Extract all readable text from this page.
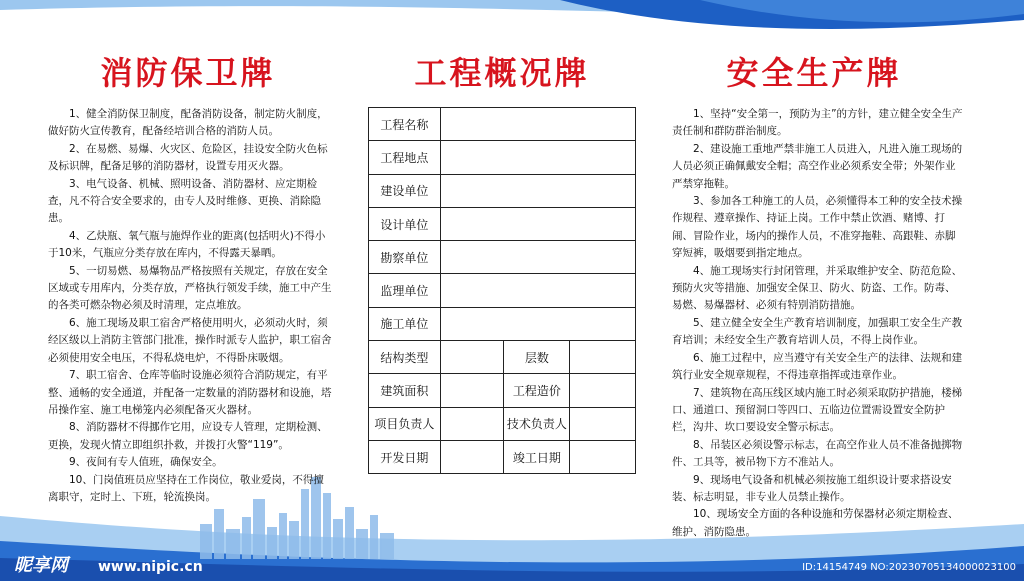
消防保卫牌

1、健全消防保卫制度，配备消防设备，制定防火制度，做好防火宣传教育，配备经培训合格的消防人员。

2、在易燃、易爆、火灾区、危险区，挂设安全防火色标及标识牌，配备足够的消防器材，设置专用灭火器。

3、电气设备、机械、照明设备、消防器材、应定期检查，凡不符合安全要求的，由专人及时维修、更换、消除隐患。

4、乙炔瓶、氧气瓶与施焊作业的距离(包括明火)不得小于10米，气瓶应分类存放在库内，不得露天暴晒。

5、一切易燃、易爆物品严格按照有关规定，存放在安全区域或专用库内，分类存放，严格执行领发手续，施工中产生的各类可燃杂物必须及时清理，定点堆放。

6、施工现场及职工宿舍严格使用明火，必须动火时，须经区级以上消防主管部门批准，操作时派专人监护，职工宿舍必须使用安全电压，不得私烧电炉，不得卧床吸烟。

7、职工宿舍、仓库等临时设施必须符合消防规定，有平整、通畅的安全通道，并配备一定数量的消防器材和设施，塔吊操作室、施工电梯笼内必须配备灭火器材。

8、消防器材不得挪作它用，应设专人管理，定期检测、更换，发现火情立即组织扑救，并拨打火警“119”。

9、夜间有专人值班，确保安全。

10、门岗值班员应坚持在工作岗位，敬业爱岗，不得擅离职守，定时上、下班，轮流换岗。

工程概况牌
工程名称			
工程地点			
建设单位			
设计单位			
勘察单位			
监理单位			
施工单位			
结构类型		层数	
建筑面积		工程造价	
项目负责人		技术负责人	
开发日期		竣工日期	
安全生产牌

1、坚持“安全第一，预防为主”的方针，建立健全安全生产责任制和群防群治制度。

2、建设施工重地严禁非施工人员进入，凡进入施工现场的人员必须正确佩戴安全帽；高空作业必须系安全带；外架作业严禁穿拖鞋。

3、参加各工种施工的人员，必须懂得本工种的安全技术操作规程、遵章操作、持证上岗。工作中禁止饮酒、赌博、打闹、冒险作业，场内的操作人员，不准穿拖鞋、高跟鞋、赤脚穿短裤，吸烟要到指定地点。

4、施工现场实行封闭管理，并采取维护安全、防范危险、预防火灾等措施、加强安全保卫、防火、防盗、工作。防毒、易燃、易爆器材、必须有特别消防措施。

5、建立健全安全生产教育培训制度，加强职工安全生产教育培训；未经安全生产教育培训人员，不得上岗作业。

6、施工过程中，应当遵守有关安全生产的法律、法规和建筑行业安全规章规程，不得违章指挥或违章作业。

7、建筑物在高压线区域内施工时必须采取防护措施，楼梯口、通道口、预留洞口等四口、五临边位置需设置安全防护栏，沟井、坎口要设安全警示标志。

8、吊装区必须设警示标志，在高空作业人员不准备抛掷物件、工具等，被吊物下方不准站人。

9、现场电气设备和机械必须按施工组织设计要求搭设安装、标志明显，非专业人员禁止操作。

10、现场安全方面的各种设施和劳保器材必须定期检查、维护、消防隐患。

昵享网 www.nipic.cn	ID:14154749 NO:20230705134000023100
